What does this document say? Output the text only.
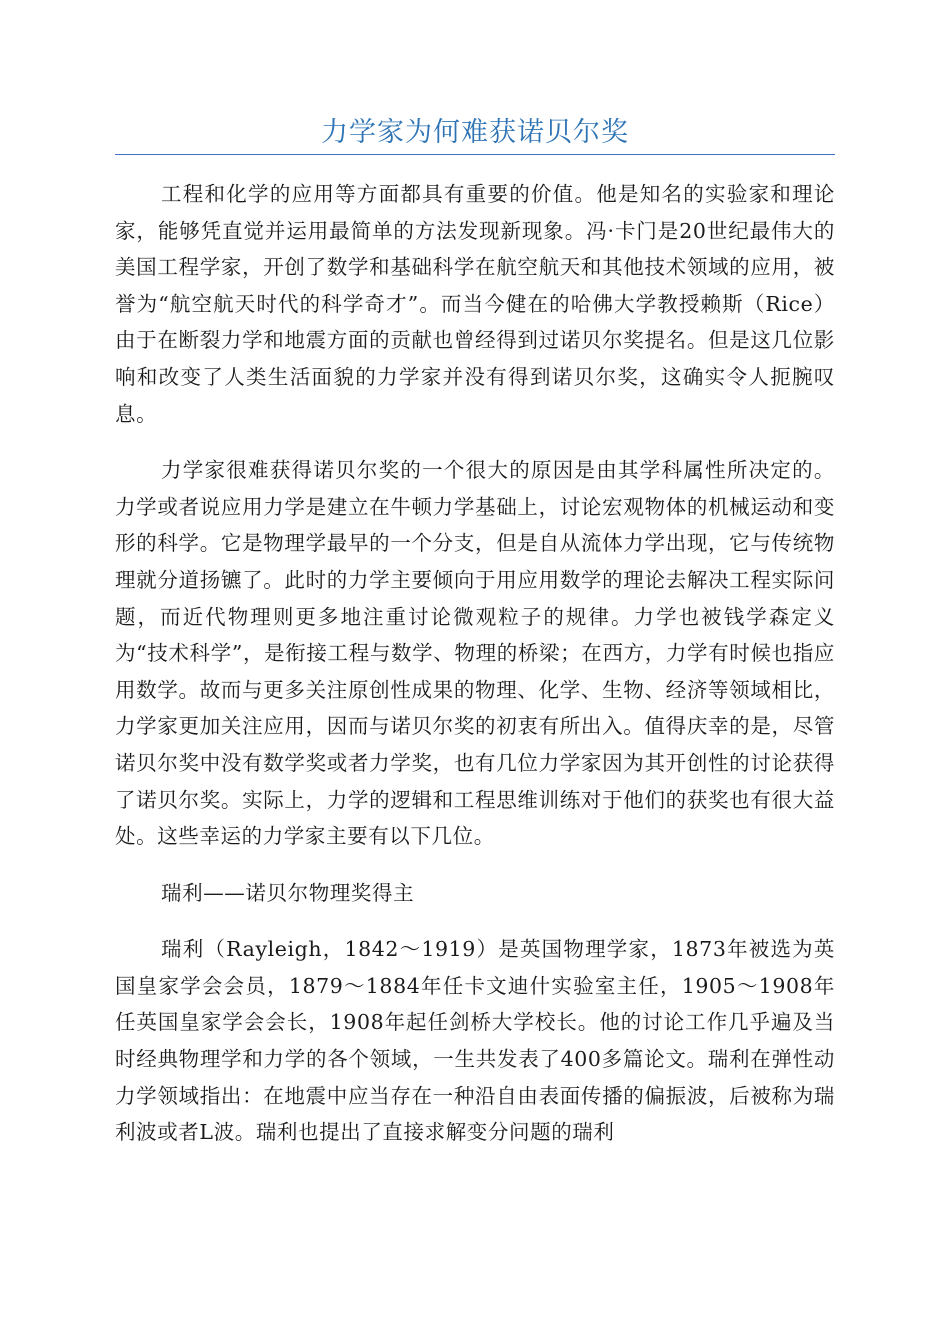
力学家为何难获诺贝尔奖

工程和化学的应用等方面都具有重要的价值。他是知名的实验家和理论家，能够凭直觉并运用最简单的方法发现新现象。冯·卡门是20世纪最伟大的美国工程学家，开创了数学和基础科学在航空航天和其他技术领域的应用，被誉为“航空航天时代的科学奇才”。而当今健在的哈佛大学教授赖斯（Rice）由于在断裂力学和地震方面的贡献也曾经得到过诺贝尔奖提名。但是这几位影响和改变了人类生活面貌的力学家并没有得到诺贝尔奖，这确实令人扼腕叹息。

力学家很难获得诺贝尔奖的一个很大的原因是由其学科属性所决定的。力学或者说应用力学是建立在牛顿力学基础上，讨论宏观物体的机械运动和变形的科学。它是物理学最早的一个分支，但是自从流体力学出现，它与传统物理就分道扬镳了。此时的力学主要倾向于用应用数学的理论去解决工程实际问题，而近代物理则更多地注重讨论微观粒子的规律。力学也被钱学森定义为“技术科学”，是衔接工程与数学、物理的桥梁；在西方，力学有时候也指应用数学。故而与更多关注原创性成果的物理、化学、生物、经济等领域相比，力学家更加关注应用，因而与诺贝尔奖的初衷有所出入。值得庆幸的是，尽管诺贝尔奖中没有数学奖或者力学奖，也有几位力学家因为其开创性的讨论获得了诺贝尔奖。实际上，力学的逻辑和工程思维训练对于他们的获奖也有很大益处。这些幸运的力学家主要有以下几位。

瑞利——诺贝尔物理奖得主

瑞利（Rayleigh，1842～1919）是英国物理学家，1873年被选为英国皇家学会会员，1879～1884年任卡文迪什实验室主任，1905～1908年任英国皇家学会会长，1908年起任剑桥大学校长。他的讨论工作几乎遍及当时经典物理学和力学的各个领域，一生共发表了400多篇论文。瑞利在弹性动力学领域指出：在地震中应当存在一种沿自由表面传播的偏振波，后被称为瑞利波或者L波。瑞利也提出了直接求解变分问题的瑞利
